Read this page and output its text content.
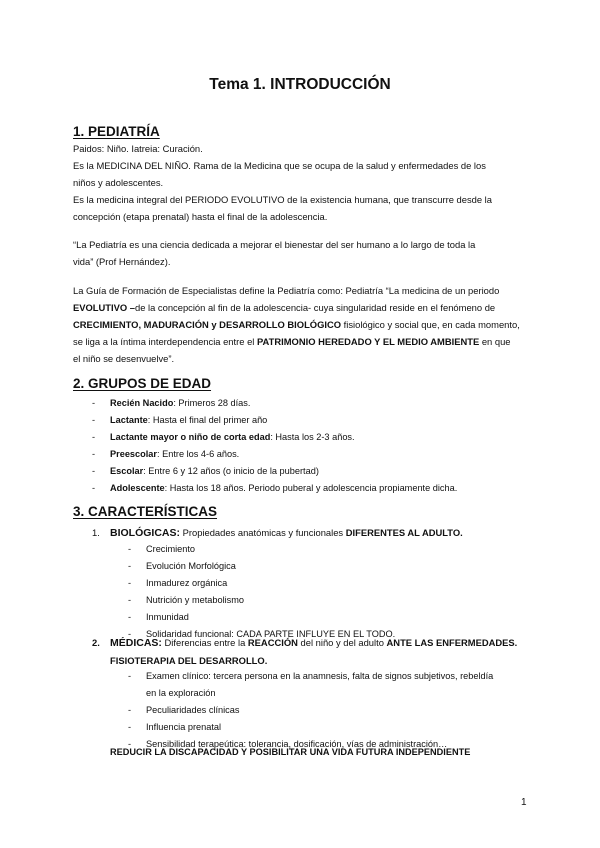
Tema 1. INTRODUCCIÓN
1. PEDIATRÍA
Paidos: Niño. Iatreia: Curación.
Es la MEDICINA DEL NIÑO. Rama de la Medicina que se ocupa de la salud y enfermedades de los
niños y adolescentes.
Es la medicina integral del PERIODO EVOLUTIVO de la existencia humana, que transcurre desde la
concepción (etapa prenatal) hasta el final de la adolescencia.
“La Pediatría es una ciencia dedicada a mejorar el bienestar del ser humano a lo largo de toda la
vida” (Prof Hernández).
La Guía de Formación de Especialistas define la Pediatría como: Pediatría “La medicina de un periodo
EVOLUTIVO –de la concepción al fin de la adolescencia- cuya singularidad reside en el fenómeno de
CRECIMIENTO, MADURACIÓN y DESARROLLO BIOLÓGICO fisiológico y social que, en cada momento,
se liga a la íntima interdependencia entre el PATRIMONIO HEREDADO Y EL MEDIO AMBIENTE en que
el niño se desenvuelve”.
2. GRUPOS DE EDAD
- Recién Nacido: Primeros 28 días.
- Lactante: Hasta el final del primer año
- Lactante mayor o niño de corta edad: Hasta los 2-3 años.
- Preescolar: Entre los 4-6 años.
- Escolar: Entre 6 y 12 años (o inicio de la pubertad)
- Adolescente: Hasta los 18 años. Periodo puberal y adolescencia propiamente dicha.
3. CARACTERÍSTICAS
1. BIOLÓGICAS: Propiedades anatómicas y funcionales DIFERENTES AL ADULTO.
- Crecimiento
- Evolución Morfológica
- Inmadurez orgánica
- Nutrición y metabolismo
- Inmunidad
- Solidaridad funcional: CADA PARTE INFLUYE EN EL TODO.
2. MÉDICAS: Diferencias entre la REACCIÓN del niño y del adulto ANTE LAS ENFERMEDADES.
FISIOTERAPIA DEL DESARROLLO.
- Examen clínico: tercera persona en la anamnesis, falta de signos subjetivos, rebeldía
en la exploración
- Peculiaridades clínicas
- Influencia prenatal
- Sensibilidad terapeútica: tolerancia, dosificación, vías de administración…
REDUCIR LA DISCAPACIDAD Y POSIBILITAR UNA VIDA FUTURA INDEPENDIENTE
1
